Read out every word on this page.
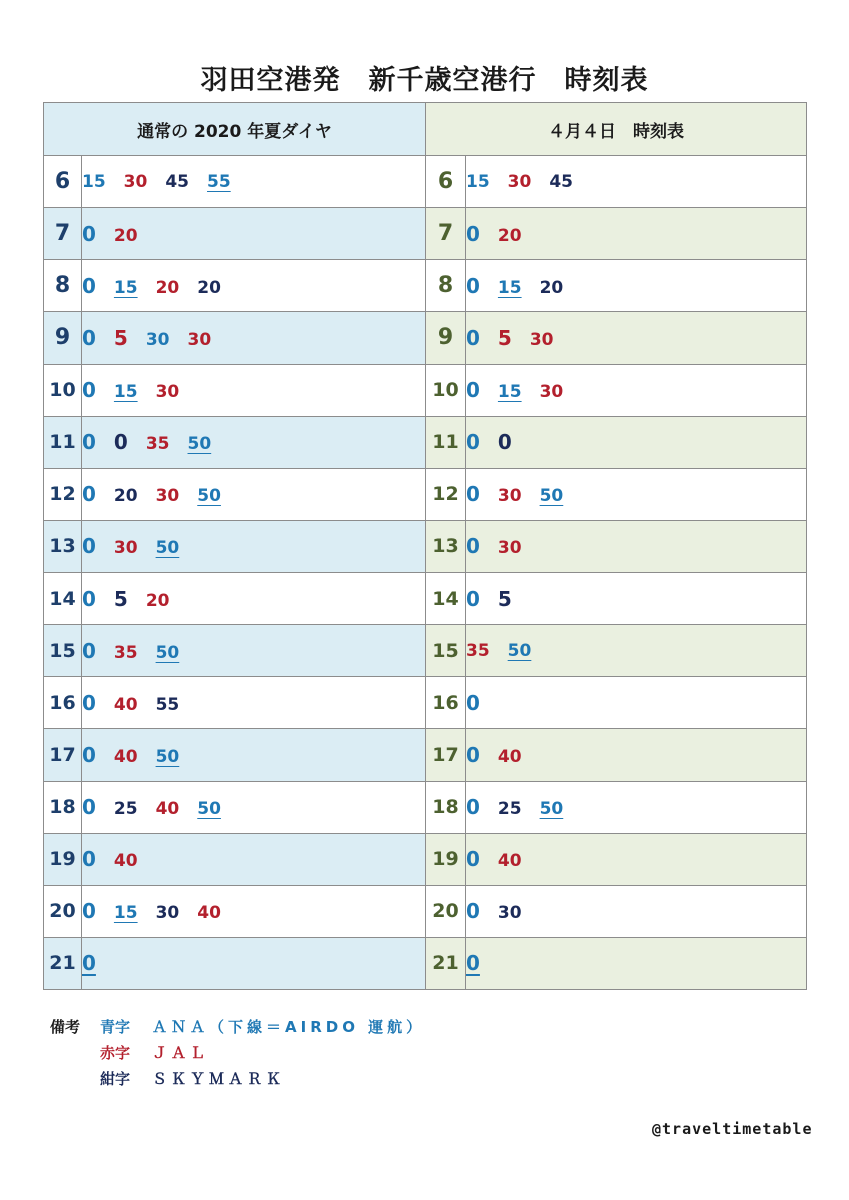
羽田空港発　新千歳空港行　時刻表
通常の 2020 年夏ダイヤ		４月４日　時刻表	
6	15 30 45 55	6	15 30 45
7	0 20	7	0 20
8	0 15 20 20	8	0 15 20
9	0 5 30 30	9	0 5 30
10	0 15 30	10	0 15 30
11	0 0 35 50	11	0 0
12	0 20 30 50	12	0 30 50
13	0 30 50	13	0 30
14	0 5 20	14	0 5
15	0 35 50	15	35 50
16	0 40 55	16	0
17	0 40 50	17	0 40
18	0 25 40 50	18	0 25 50
19	0 40	19	0 40
20	0 15 30 40	20	0 30
21	0	21	0
備考 青字 ＡＮＡ（下線＝AIRDO 運航）
赤字 ＪＡＬ
紺字 ＳＫＹＭＡＲＫ
@traveltimetable
